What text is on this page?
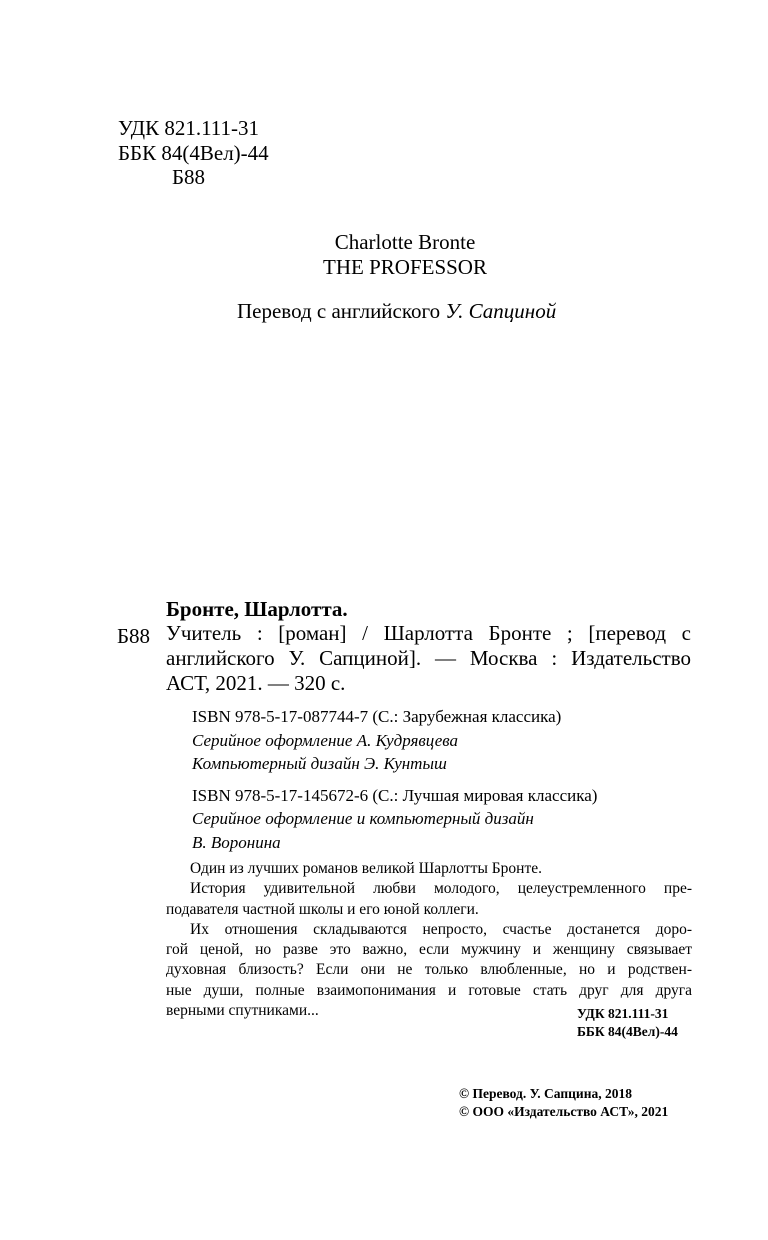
УДК 821.111-31
ББК 84(4Вел)-44
Б88
Charlotte Bronte
THE PROFESSOR
Перевод с английского У. Сапциной
Бронте, Шарлотта.
Б88 Учитель : [роман] / Шарлотта Бронте ; [перевод с
английского У. Сапциной]. — Москва : Издательство
АСТ, 2021. — 320 с.
ISBN 978-5-17-087744-7 (С.: Зарубежная классика)
Серийное оформление А. Кудрявцева
Компьютерный дизайн Э. Кунтыш
ISBN 978-5-17-145672-6 (С.: Лучшая мировая классика)
Серийное оформление и компьютерный дизайн
В. Воронина
Один из лучших романов великой Шарлотты Бронте.
История удивительной любви молодого, целеустремленного пре-
подавателя частной школы и его юной коллеги.
Их отношения складываются непросто, счастье достанется доро-
гой ценой, но разве это важно, если мужчину и женщину связывает
духовная близость? Если они не только влюбленные, но и родствен-
ные души, полные взаимопонимания и готовые стать друг для друга
верными спутниками...	УДК 821.111-31
ББК 84(4Вел)-44
© Перевод. У. Сапцина, 2018
© ООО «Издательство АСТ», 2021
